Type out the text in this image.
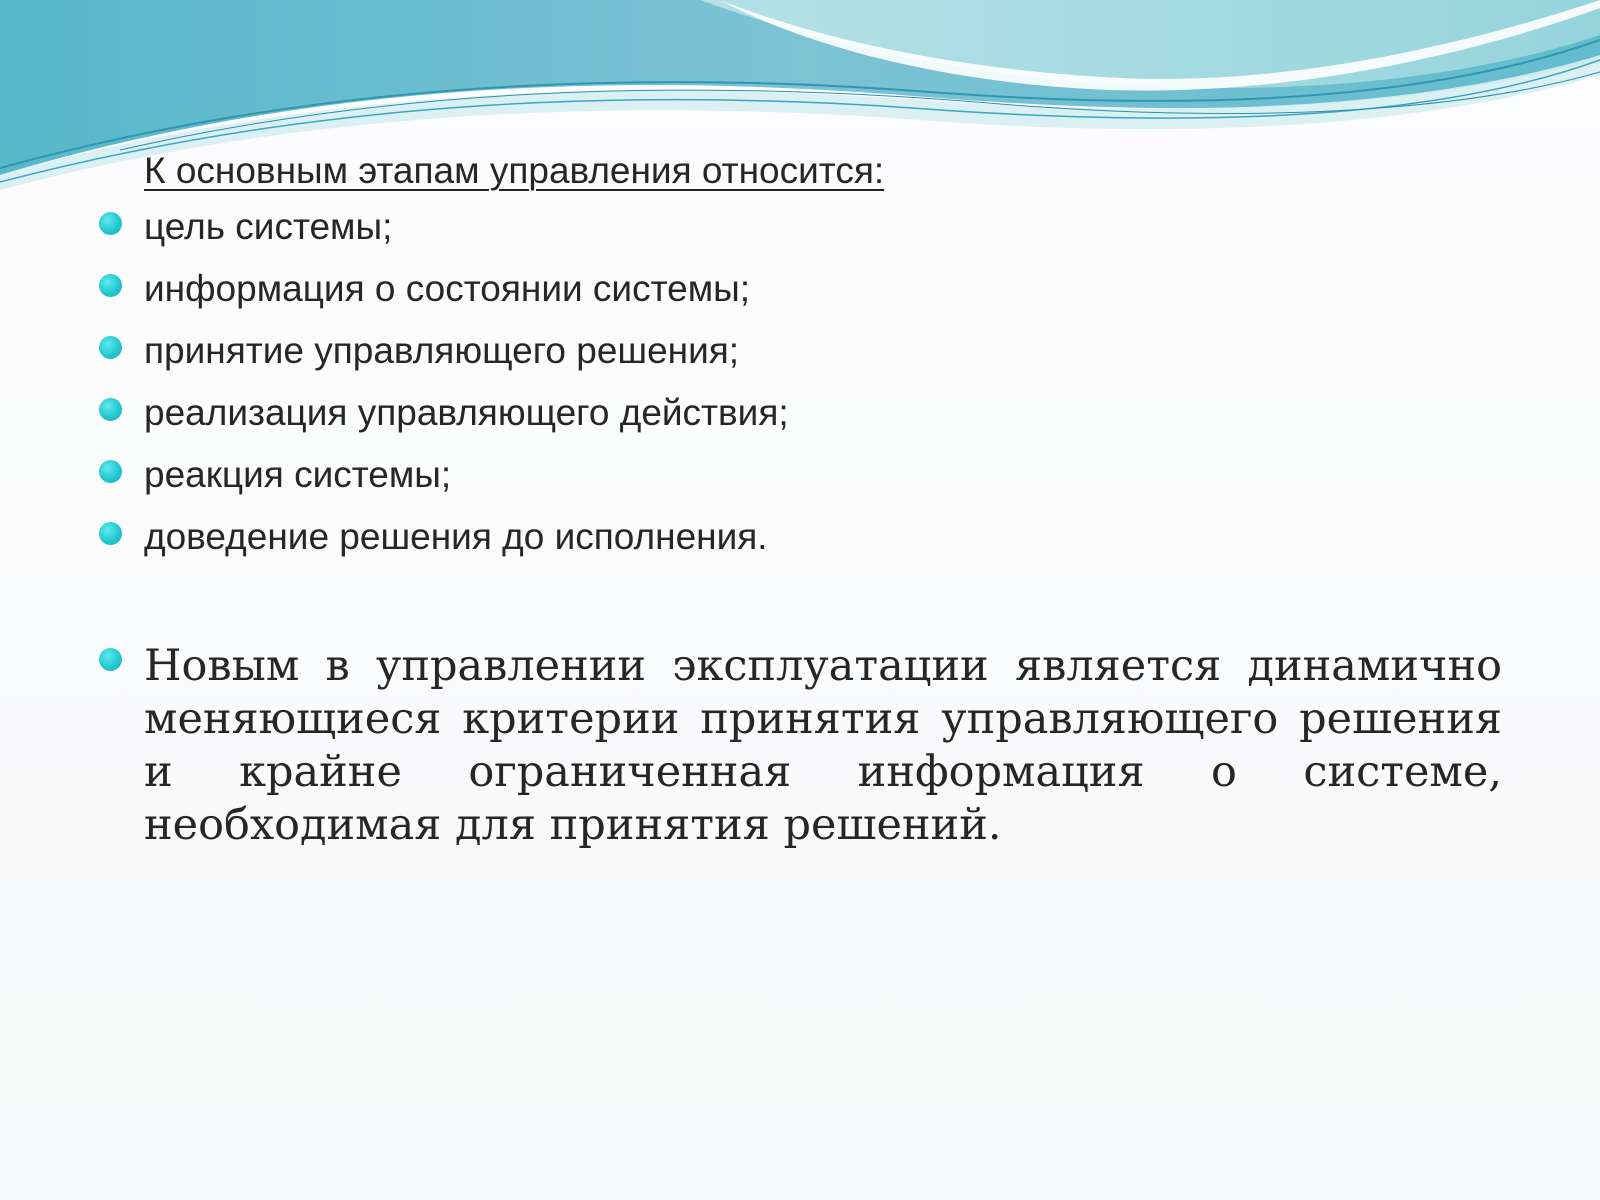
К основным этапам управления относится:
цель системы;
информация о состоянии системы;
принятие управляющего решения;
реализация управляющего действия;
реакция системы;
доведение решения до исполнения.

Новым в управлении эксплуатации является динамично меняющиеся критерии принятия управляющего решения и крайне ограниченная информация о системе, необходимая для принятия решений.
